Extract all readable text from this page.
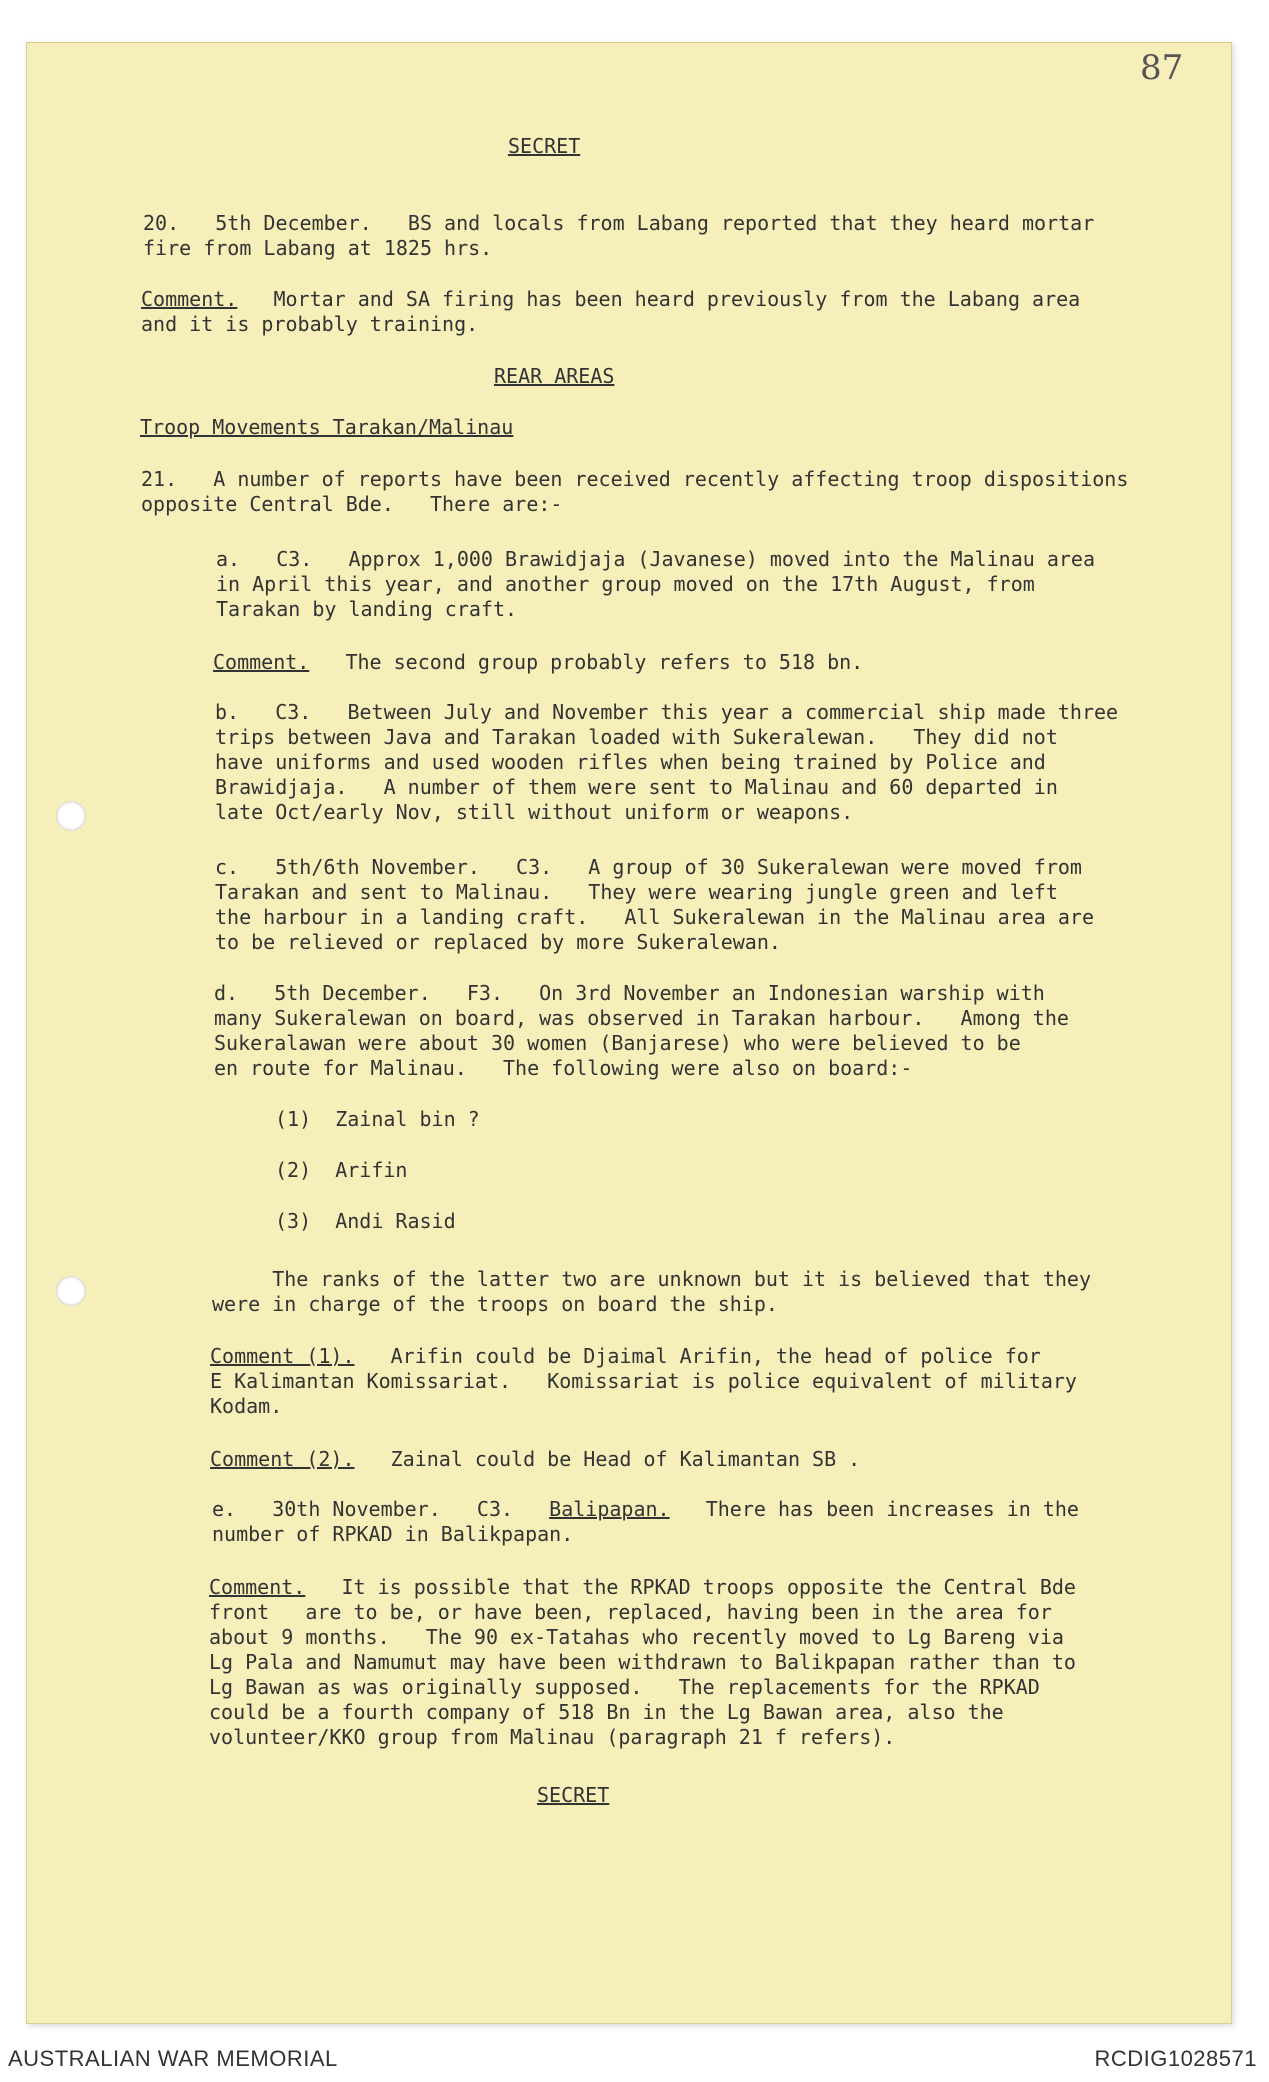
87

SECRET

20.   5th December.   BS and locals from Labang reported that they heard mortar

fire from Labang at 1825 hrs.

Comment.   Mortar and SA firing has been heard previously from the Labang area

and it is probably training.

REAR AREAS

Troop Movements Tarakan/Malinau

21.   A number of reports have been received recently affecting troop dispositions

opposite Central Bde.   There are:-

a.   C3.   Approx 1,000 Brawidjaja (Javanese) moved into the Malinau area

in April this year, and another group moved on the 17th August, from

Tarakan by landing craft.

Comment.   The second group probably refers to 518 bn.

b.   C3.   Between July and November this year a commercial ship made three

trips between Java and Tarakan loaded with Sukeralewan.   They did not

have uniforms and used wooden rifles when being trained by Police and

Brawidjaja.   A number of them were sent to Malinau and 60 departed in

late Oct/early Nov, still without uniform or weapons.

c.   5th/6th November.   C3.   A group of 30 Sukeralewan were moved from

Tarakan and sent to Malinau.   They were wearing jungle green and left

the harbour in a landing craft.   All Sukeralewan in the Malinau area are

to be relieved or replaced by more Sukeralewan.

d.   5th December.   F3.   On 3rd November an Indonesian warship with

many Sukeralewan on board, was observed in Tarakan harbour.   Among the

Sukeralawan were about 30 women (Banjarese) who were believed to be

en route for Malinau.   The following were also on board:-

(1)  Zainal bin ?

(2)  Arifin

(3)  Andi Rasid

The ranks of the latter two are unknown but it is believed that they

were in charge of the troops on board the ship.

Comment (1).   Arifin could be Djaimal Arifin, the head of police for

E Kalimantan Komissariat.   Komissariat is police equivalent of military

Kodam.

Comment (2).   Zainal could be Head of Kalimantan SB .

e.   30th November.   C3.   Balipapan.   There has been increases in the

number of RPKAD in Balikpapan.

Comment.   It is possible that the RPKAD troops opposite the Central Bde

front   are to be, or have been, replaced, having been in the area for

about 9 months.   The 90 ex-Tatahas who recently moved to Lg Bareng via

Lg Pala and Namumut may have been withdrawn to Balikpapan rather than to

Lg Bawan as was originally supposed.   The replacements for the RPKAD

could be a fourth company of 518 Bn in the Lg Bawan area, also the

volunteer/KKO group from Malinau (paragraph 21 f refers).

SECRET

AUSTRALIAN WAR MEMORIAL	RCDIG1028571
